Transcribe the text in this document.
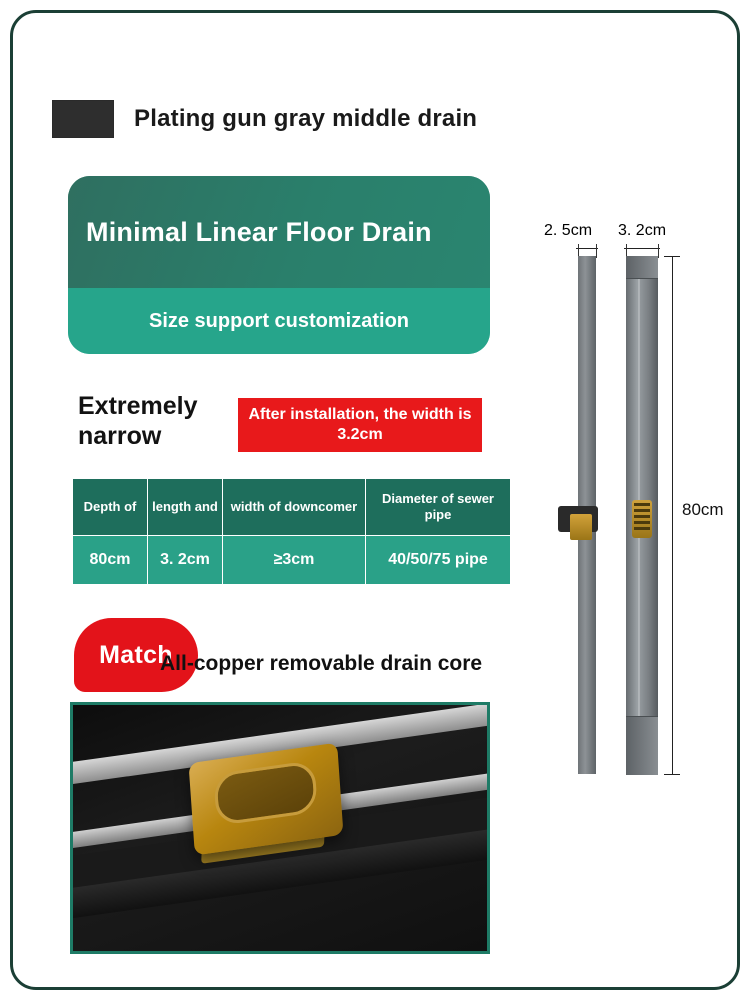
Plating gun gray middle drain
Minimal Linear Floor Drain
Size support customization
Extremely narrow
After installation, the width is 3.2cm
Depth of	length and	width of downcomer	Diameter of sewer pipe
80cm	3. 2cm	≥3cm	40/50/75 pipe
Match
All-copper removable drain core
2. 5cm 3. 2cm
80cm
